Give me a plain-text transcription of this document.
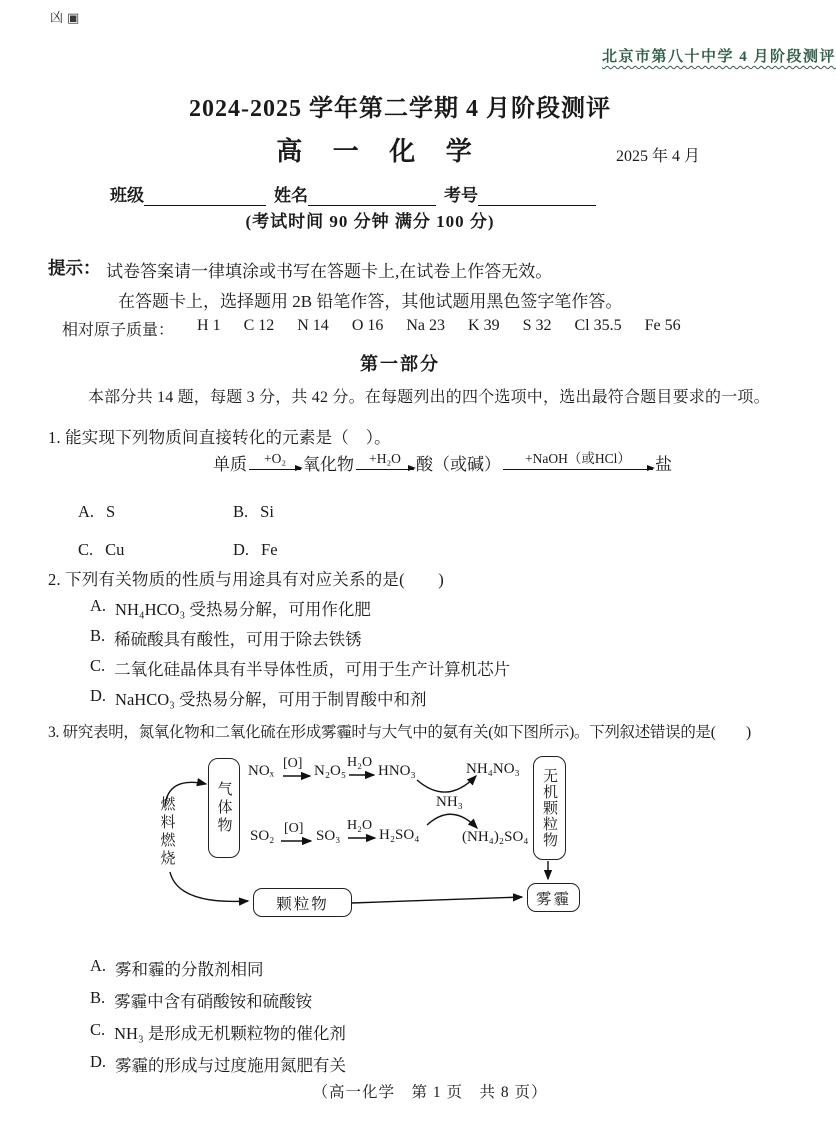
凶▣
北京市第八十中学 4 月阶段测评
2024-2025 学年第二学期 4 月阶段测评
高 一 化 学	2025 年 4 月
班级	姓名	考号
(考试时间 90 分钟 满分 100 分)
提示： 试卷答案请一律填涂或书写在答题卡上,在试卷上作答无效。
在答题卡上，选择题用 2B 铅笔作答，其他试题用黑色签字笔作答。
相对原子质量： H 1 C 12 N 14 O 16 Na 23 K 39 S 32 Cl 35.5 Fe 56
第一部分
本部分共 14 题，每题 3 分，共 42 分。在每题列出的四个选项中，选出最符合题目要求的一项。
1. 能实现下列物质间直接转化的元素是（　）。
单质	+O₂ 氧化物	+H₂O 酸（或碱）	+NaOH（或HCl）	盐
A. S	B. Si
C. Cu	D. Fe
2. 下列有关物质的性质与用途具有对应关系的是(　　)
A. NH₄HCO₃ 受热易分解，可用作化肥
B. 稀硫酸具有酸性，可用于除去铁锈
C. 二氧化硅晶体具有半导体性质，可用于生产计算机芯片
D. NaHCO₃ 受热易分解，可用于制胃酸中和剂
3. 研究表明，氮氧化物和二氧化硫在形成雾霾时与大气中的氨有关(如下图所示)。下列叙述错误的是(　　)
燃料燃烧	气体物
NOₓ [O] N₂O₅
H₂O
HNO₃	NH₄NO₃
NH₃
SO₂ [O] SO₃
H₂O
H₂SO₄	(NH₄)₂SO₄ 无机颗粒物
颗粒物	雾霾
A. 雾和霾的分散剂相同
B. 雾霾中含有硝酸铵和硫酸铵
C. NH₃ 是形成无机颗粒物的催化剂
D. 雾霾的形成与过度施用氮肥有关
（高一化学　第 1 页　共 8 页）
